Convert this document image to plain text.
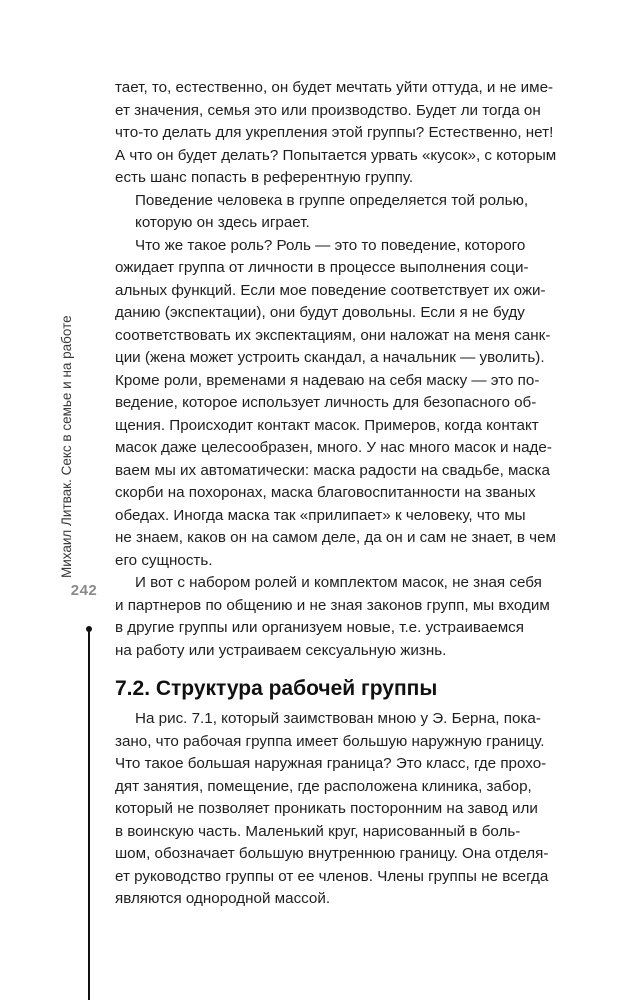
Михаил Литвак. Секс в семье и на работе
242
тает, то, естественно, он будет мечтать уйти оттуда, и не име-
ет значения, семья это или производство. Будет ли тогда он
что-то делать для укрепления этой группы? Естественно, нет!
А что он будет делать? Попытается урвать «кусок», с которым
есть шанс попасть в референтную группу.
Поведение человека в группе определяется той ролью,
которую он здесь играет.
Что же такое роль? Роль — это то поведение, которого
ожидает группа от личности в процессе выполнения соци-
альных функций. Если мое поведение соответствует их ожи-
данию (экспектации), они будут довольны. Если я не буду
соответствовать их экспектациям, они наложат на меня санк-
ции (жена может устроить скандал, а начальник — уволить).
Кроме роли, временами я надеваю на себя маску — это по-
ведение, которое использует личность для безопасного об-
щения. Происходит контакт масок. Примеров, когда контакт
масок даже целесообразен, много. У нас много масок и наде-
ваем мы их автоматически: маска радости на свадьбе, маска
скорби на похоронах, маска благовоспитанности на званых
обедах. Иногда маска так «прилипает» к человеку, что мы
не знаем, каков он на самом деле, да он и сам не знает, в чем
его сущность.
И вот с набором ролей и комплектом масок, не зная себя
и партнеров по общению и не зная законов групп, мы входим
в другие группы или организуем новые, т.е. устраиваемся
на работу или устраиваем сексуальную жизнь.
7.2. Структура рабочей группы
На рис. 7.1, который заимствован мною у Э. Берна, пока-
зано, что рабочая группа имеет большую наружную границу.
Что такое большая наружная граница? Это класс, где прохо-
дят занятия, помещение, где расположена клиника, забор,
который не позволяет проникать посторонним на завод или
в воинскую часть. Маленький круг, нарисованный в боль-
шом, обозначает большую внутреннюю границу. Она отделя-
ет руководство группы от ее членов. Члены группы не всегда
являются однородной массой.
